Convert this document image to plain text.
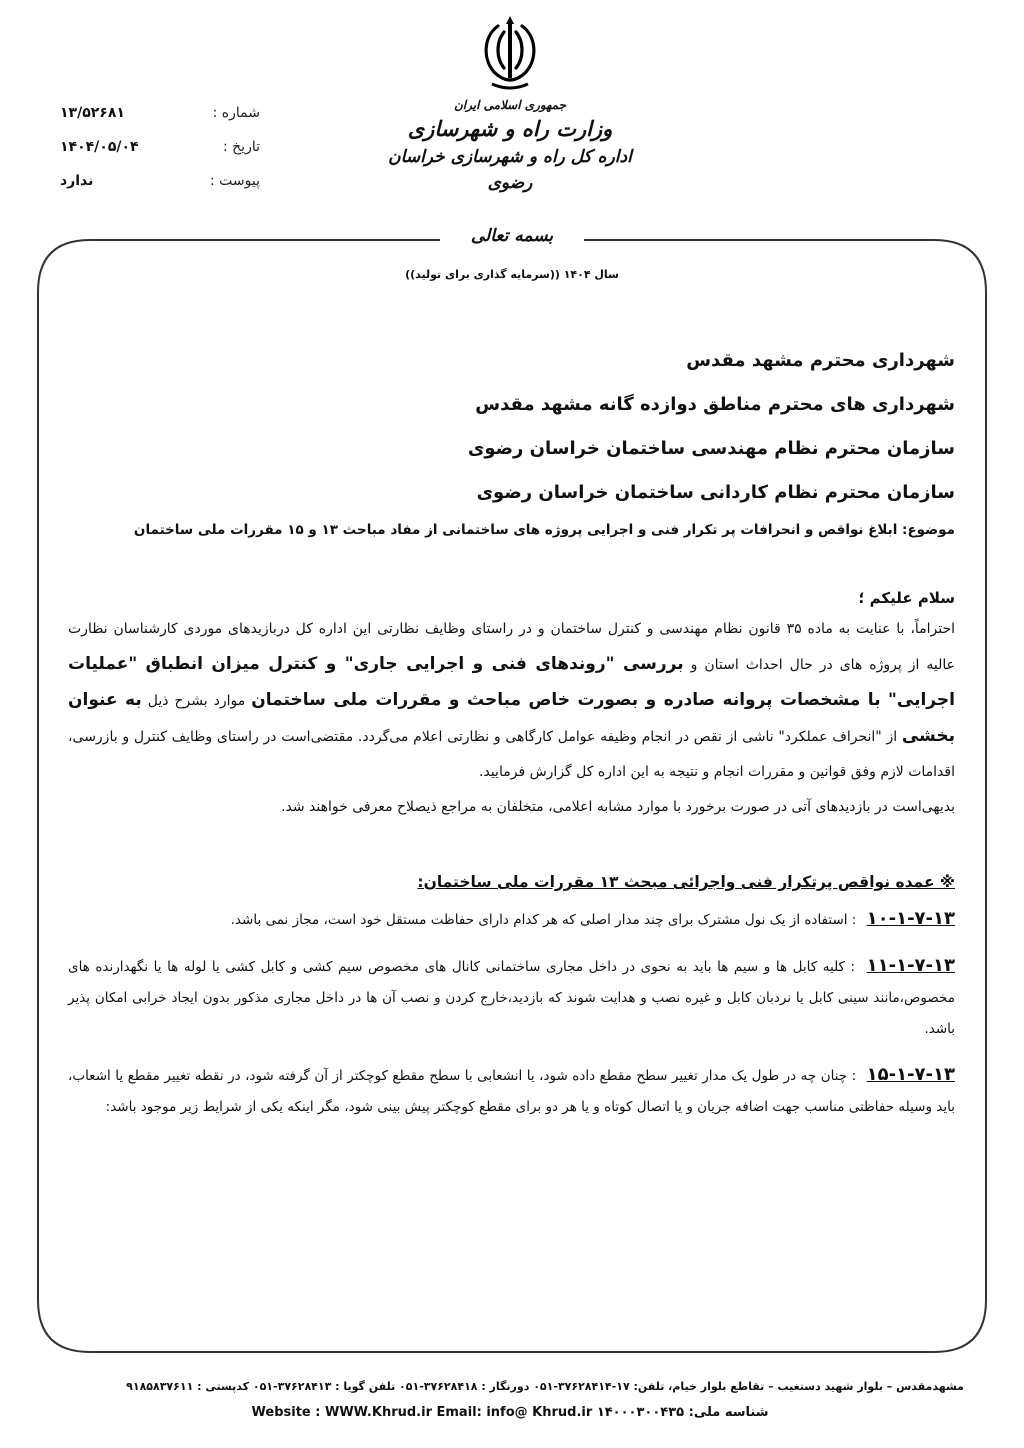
جمهوری اسلامی ایران
وزارت راه و شهرسازی
اداره کل راه و شهرسازی خراسان رضوی
شماره :
۱۳/۵۲۶۸۱
تاریخ :
۱۴۰۴/۰۵/۰۴
پیوست :
ندارد
بسمه تعالی
سال ۱۴۰۴ ((سرمایه گذاری برای تولید))
شهرداری محترم مشهد مقدس
شهرداری های محترم مناطق دوازده گانه مشهد مقدس
سازمان محترم نظام مهندسی ساختمان خراسان رضوی
سازمان محترم نظام کاردانی ساختمان خراسان رضوی
موضوع: ابلاغ نواقص و انحرافات پر تکرار فنی و اجرایی پروژه های ساختمانی از مفاد مباحث ۱۳ و ۱۵ مقررات ملی ساختمان
سلام علیکم ؛

احتراماً، با عنایت به ماده ۳۵ قانون نظام مهندسی و کنترل ساختمان و در راستای وظایف نظارتی این اداره کل دربازیدهای موردی کارشناسان نظارت عالیه از پروژه های در حال احداث استان و بررسی "روندهای فنی و اجرایی جاری" و کنترل میزان انطباق "عملیات اجرایی" با مشخصات پروانه صادره و بصورت خاص مباحث و مقررات ملی ساختمان موارد بشرح ذیل به عنوان بخشی از "انحراف عملکرد" ناشی از نقص در انجام وظیفه عوامل کارگاهی و نظارتی اعلام می‌گردد. مقتضی‌است در راستای وظایف کنترل و بازرسی، اقدامات لازم وفق قوانین و مقررات انجام و نتیجه به این اداره کل گزارش فرمایید.

بدیهی‌است در بازدیدهای آتی در صورت برخورد با موارد مشابه اعلامی، متخلفان به مراجع ذیصلاح معرفی خواهند شد.

※ عمده نواقص پرتکرار فنی واجرائی مبحث ۱۳ مقررات ملی ساختمان:

۱۰-۱-۷-۱۳ : استفاده از یک نول مشترک برای چند مدار اصلی که هر کدام دارای حفاظت مستقل خود است، مجاز نمی باشد.

۱۱-۱-۷-۱۳ : کلیه کابل ها و سیم ها باید به نحوی در داخل مجاری ساختمانی کانال های مخصوص سیم کشی و کابل کشی یا لوله ها یا نگهدارنده های مخصوص،مانند سینی کابل یا نردبان کابل و غیره نصب و هدایت شوند که بازدید،خارج کردن و نصب آن ها در داخل مجاری مذکور بدون ایجاد خرابی امکان پذیر باشد.

۱۵-۱-۷-۱۳ : چنان چه در طول یک مدار تغییر سطح مقطع داده شود، یا انشعابی با سطح مقطع کوچکتر از آن گرفته شود، در نقطه تغییر مقطع یا اشعاب، باید وسیله حفاظتی مناسب جهت اضافه جریان و یا اتصال کوتاه و یا هر دو برای مقطع کوچکتر پیش بینی شود، مگر اینکه یکی از شرایط زیر موجود باشد:

مشهدمقدس – بلوار شهید دستغیب – تقاطع بلوار خیام، تلفن: ۱۷-۳۷۶۲۸۴۱۴-۰۵۱ دورنگار : ۳۷۶۲۸۴۱۸-۰۵۱ تلفن گویا : ۳۷۶۲۸۴۱۳-۰۵۱ کدپستی : ۹۱۸۵۸۳۷۶۱۱
Website : WWW.Khrud.ir Email: info@ Khrud.ir شناسه ملی: ۱۴۰۰۰۳۰۰۴۳۵
